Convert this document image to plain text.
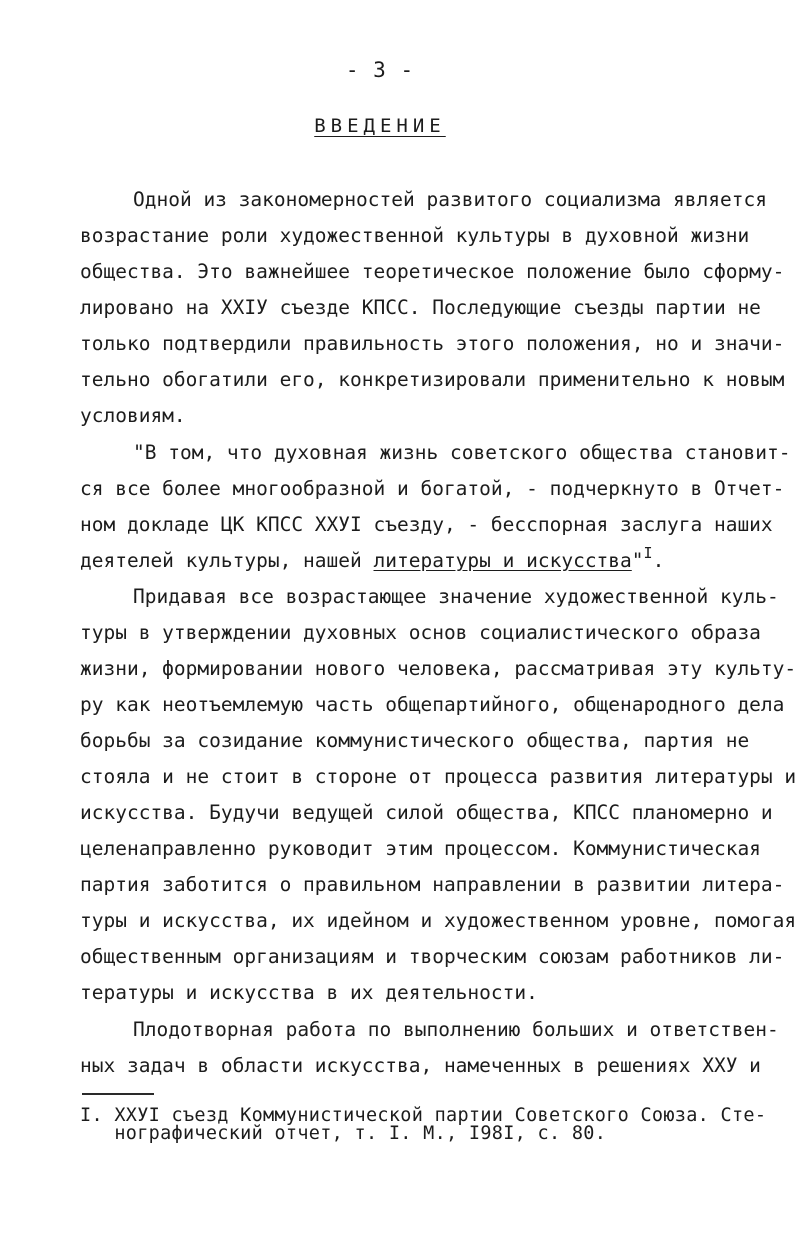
- 3 -
ВВЕДЕНИЕ
Одной из закономерностей развитого социализма является
возрастание роли художественной культуры в духовной жизни
общества. Это важнейшее теоретическое положение было сформу-
лировано на ХХIУ съезде КПСС. Последующие съезды партии не
только подтвердили правильность этого положения, но и значи-
тельно обогатили его, конкретизировали применительно к новым
условиям.
"В том, что духовная жизнь советского общества становит-
ся все более многообразной и богатой, - подчеркнуто в Отчет-
ном докладе ЦК КПСС ХХУI съезду, - бесспорная заслуга наших
деятелей культуры, нашей литературы и искусства"$^I$.
Придавая все возрастающее значение художественной куль-
туры в утверждении духовных основ социалистического образа
жизни, формировании нового человека, рассматривая эту культу-
ру как неотъемлемую часть общепартийного, общенародного дела
борьбы за созидание коммунистического общества, партия не
стояла и не стоит в стороне от процесса развития литературы и
искусства. Будучи ведущей силой общества, КПСС планомерно и
целенаправленно руководит этим процессом. Коммунистическая
партия заботится о правильном направлении в развитии литера-
туры и искусства, их идейном и художественном уровне, помогая
общественным организациям и творческим союзам работников ли-
тературы и искусства в их деятельности.
Плодотворная работа по выполнению больших и ответствен-
ных задач в области искусства, намеченных в решениях ХХУ и
I. ХХУI съезд Коммунистической партии Советского Союза. Сте-
нографический отчет, т. I. М., I98I, с. 80.
